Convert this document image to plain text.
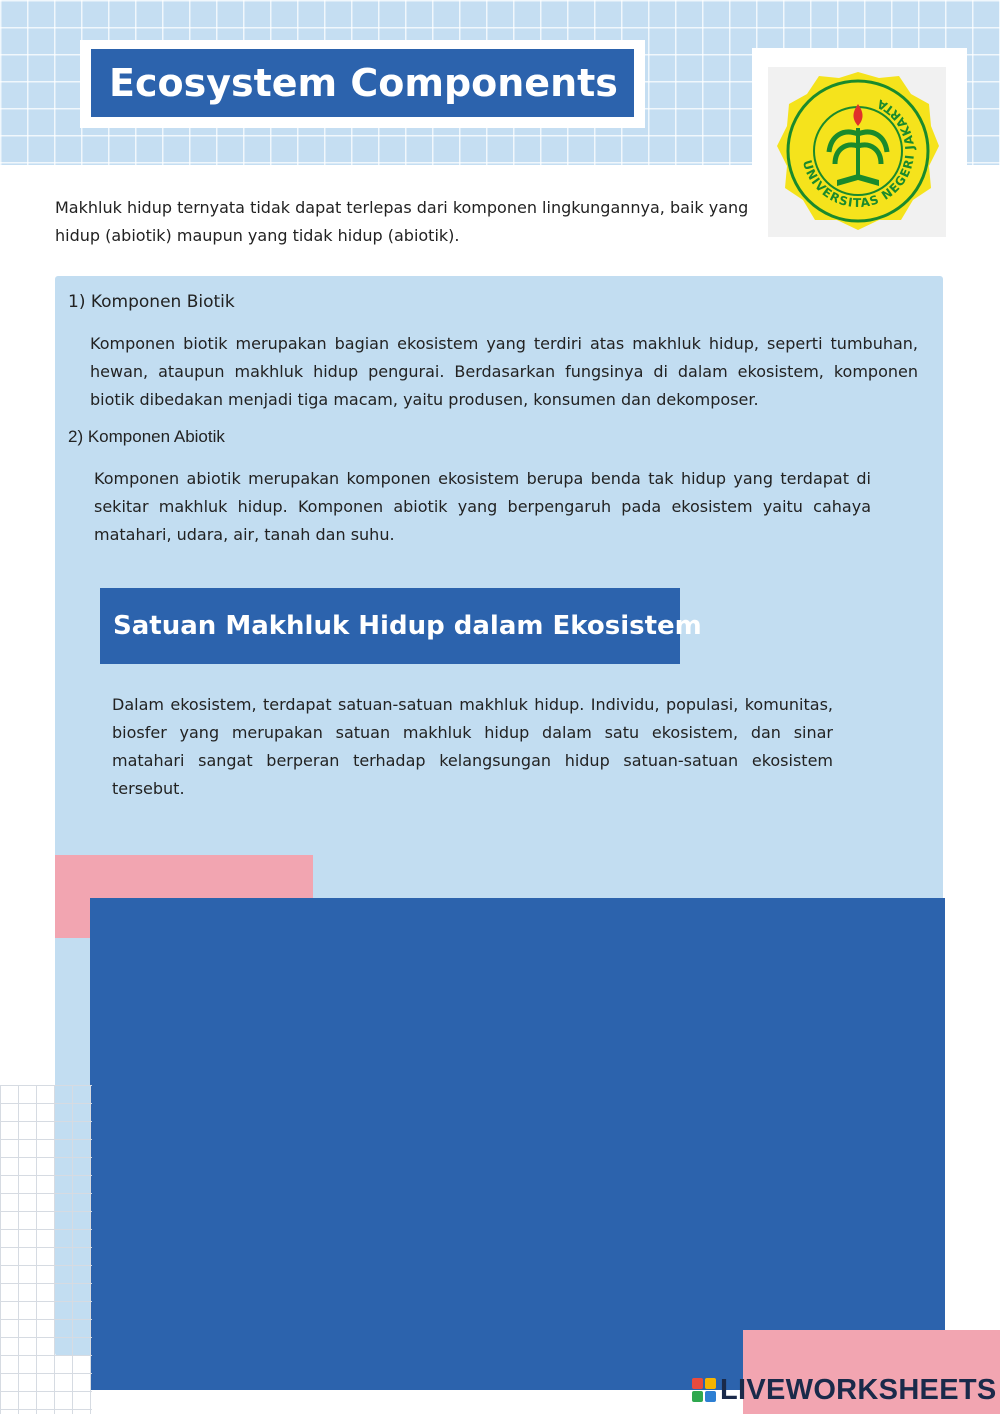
Ecosystem Components
UNIVERSITAS NEGERI JAKARTA
Makhluk hidup ternyata tidak dapat terlepas dari komponen lingkungannya, baik yang hidup (abiotik) maupun yang tidak hidup (abiotik).
1) Komponen Biotik
Komponen biotik merupakan bagian ekosistem yang terdiri atas makhluk hidup, seperti tumbuhan, hewan, ataupun makhluk hidup pengurai. Berdasarkan fungsinya di dalam ekosistem, komponen biotik dibedakan menjadi tiga macam, yaitu produsen, konsumen dan dekomposer.
2) Komponen Abiotik
Komponen abiotik merupakan komponen ekosistem berupa benda tak hidup yang terdapat di sekitar makhluk hidup. Komponen abiotik yang berpengaruh pada ekosistem yaitu cahaya matahari, udara, air, tanah dan suhu.
Satuan Makhluk Hidup dalam Ekosistem
Dalam ekosistem, terdapat satuan-satuan makhluk hidup. Individu, populasi, komunitas, biosfer yang merupakan satuan makhluk hidup dalam satu ekosistem, dan sinar matahari sangat berperan terhadap kelangsungan hidup satuan-satuan ekosistem tersebut.
LIVEWORKSHEETS
